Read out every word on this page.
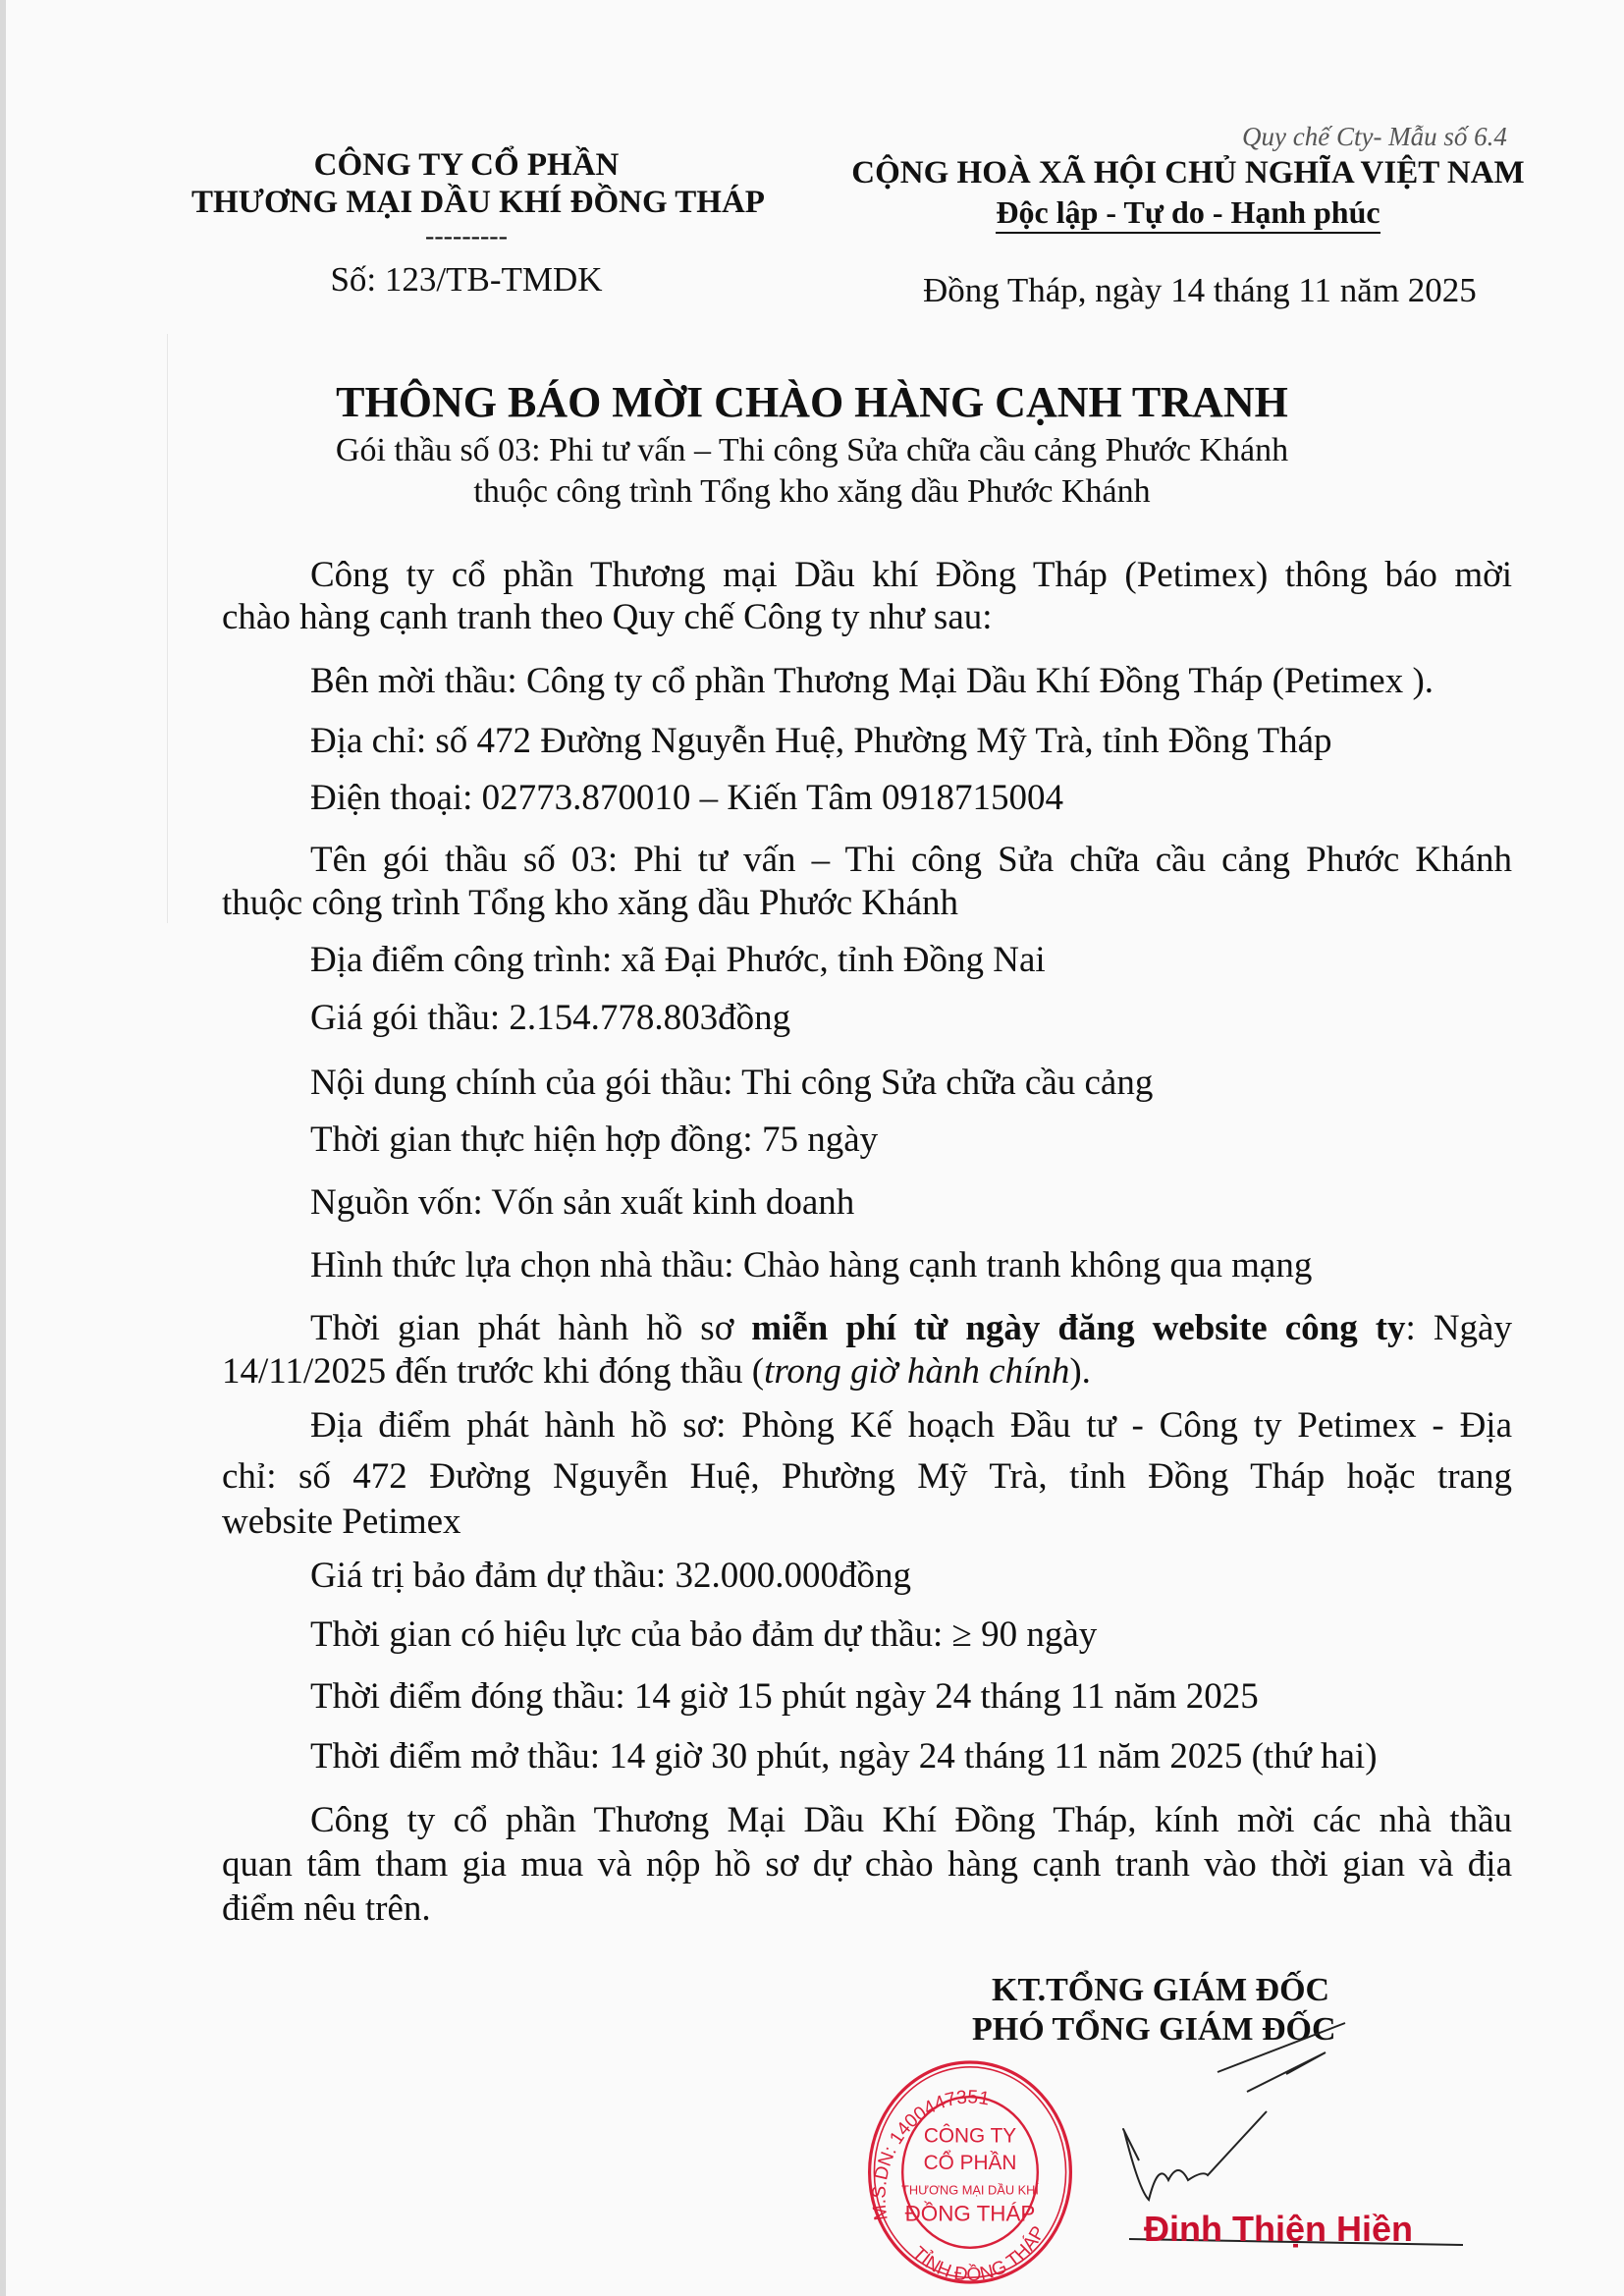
Quy chế Cty- Mẫu số 6.4
CÔNG TY CỔ PHẦN
THƯƠNG MẠI DẦU KHÍ ĐỒNG THÁP
---------
Số: 123/TB-TMDK
CỘNG HOÀ XÃ HỘI CHỦ NGHĨA VIỆT NAM
Độc lập - Tự do - Hạnh phúc
Đồng Tháp, ngày 14 tháng 11 năm 2025
THÔNG BÁO MỜI CHÀO HÀNG CẠNH TRANH
Gói thầu số 03: Phi tư vấn – Thi công Sửa chữa cầu cảng Phước Khánh
thuộc công trình Tổng kho xăng dầu Phước Khánh
Công ty cổ phần Thương mại Dầu khí Đồng Tháp (Petimex) thông báo mời
chào hàng cạnh tranh theo Quy chế Công ty như sau:
Bên mời thầu: Công ty cổ phần Thương Mại Dầu Khí Đồng Tháp (Petimex ).
Địa chỉ: số 472 Đường Nguyễn Huệ, Phường Mỹ Trà, tỉnh Đồng Tháp
Điện thoại: 02773.870010 – Kiến Tâm 0918715004
Tên gói thầu số 03: Phi tư vấn – Thi công Sửa chữa cầu cảng Phước Khánh
thuộc công trình Tổng kho xăng dầu Phước Khánh
Địa điểm công trình: xã Đại Phước, tỉnh Đồng Nai
Giá gói thầu: 2.154.778.803đồng
Nội dung chính của gói thầu: Thi công Sửa chữa cầu cảng
Thời gian thực hiện hợp đồng: 75 ngày
Nguồn vốn: Vốn sản xuất kinh doanh
Hình thức lựa chọn nhà thầu: Chào hàng cạnh tranh không qua mạng
Thời gian phát hành hồ sơ miễn phí từ ngày đăng website công ty: Ngày
14/11/2025 đến trước khi đóng thầu (trong giờ hành chính).
Địa điểm phát hành hồ sơ: Phòng Kế hoạch Đầu tư - Công ty Petimex - Địa
chỉ: số 472 Đường Nguyễn Huệ, Phường Mỹ Trà, tỉnh Đồng Tháp hoặc trang
website Petimex
Giá trị bảo đảm dự thầu: 32.000.000đồng
Thời gian có hiệu lực của bảo đảm dự thầu: ≥ 90 ngày
Thời điểm đóng thầu: 14 giờ 15 phút ngày 24 tháng 11 năm 2025
Thời điểm mở thầu: 14 giờ 30 phút, ngày 24 tháng 11 năm 2025 (thứ hai)
Công ty cổ phần Thương Mại Dầu Khí Đồng Tháp, kính mời các nhà thầu
quan tâm tham gia mua và nộp hồ sơ dự chào hàng cạnh tranh vào thời gian và địa
điểm nêu trên.
M.S.DN: 1400447351
TỈNH ĐỒNG THÁP
CÔNG TY
CỔ PHẦN
THƯƠNG MẠI DẦU KHÍ
ĐỒNG THÁP
KT.TỔNG GIÁM ĐỐC
PHÓ TỔNG GIÁM ĐỐC
Đinh Thiện Hiền
